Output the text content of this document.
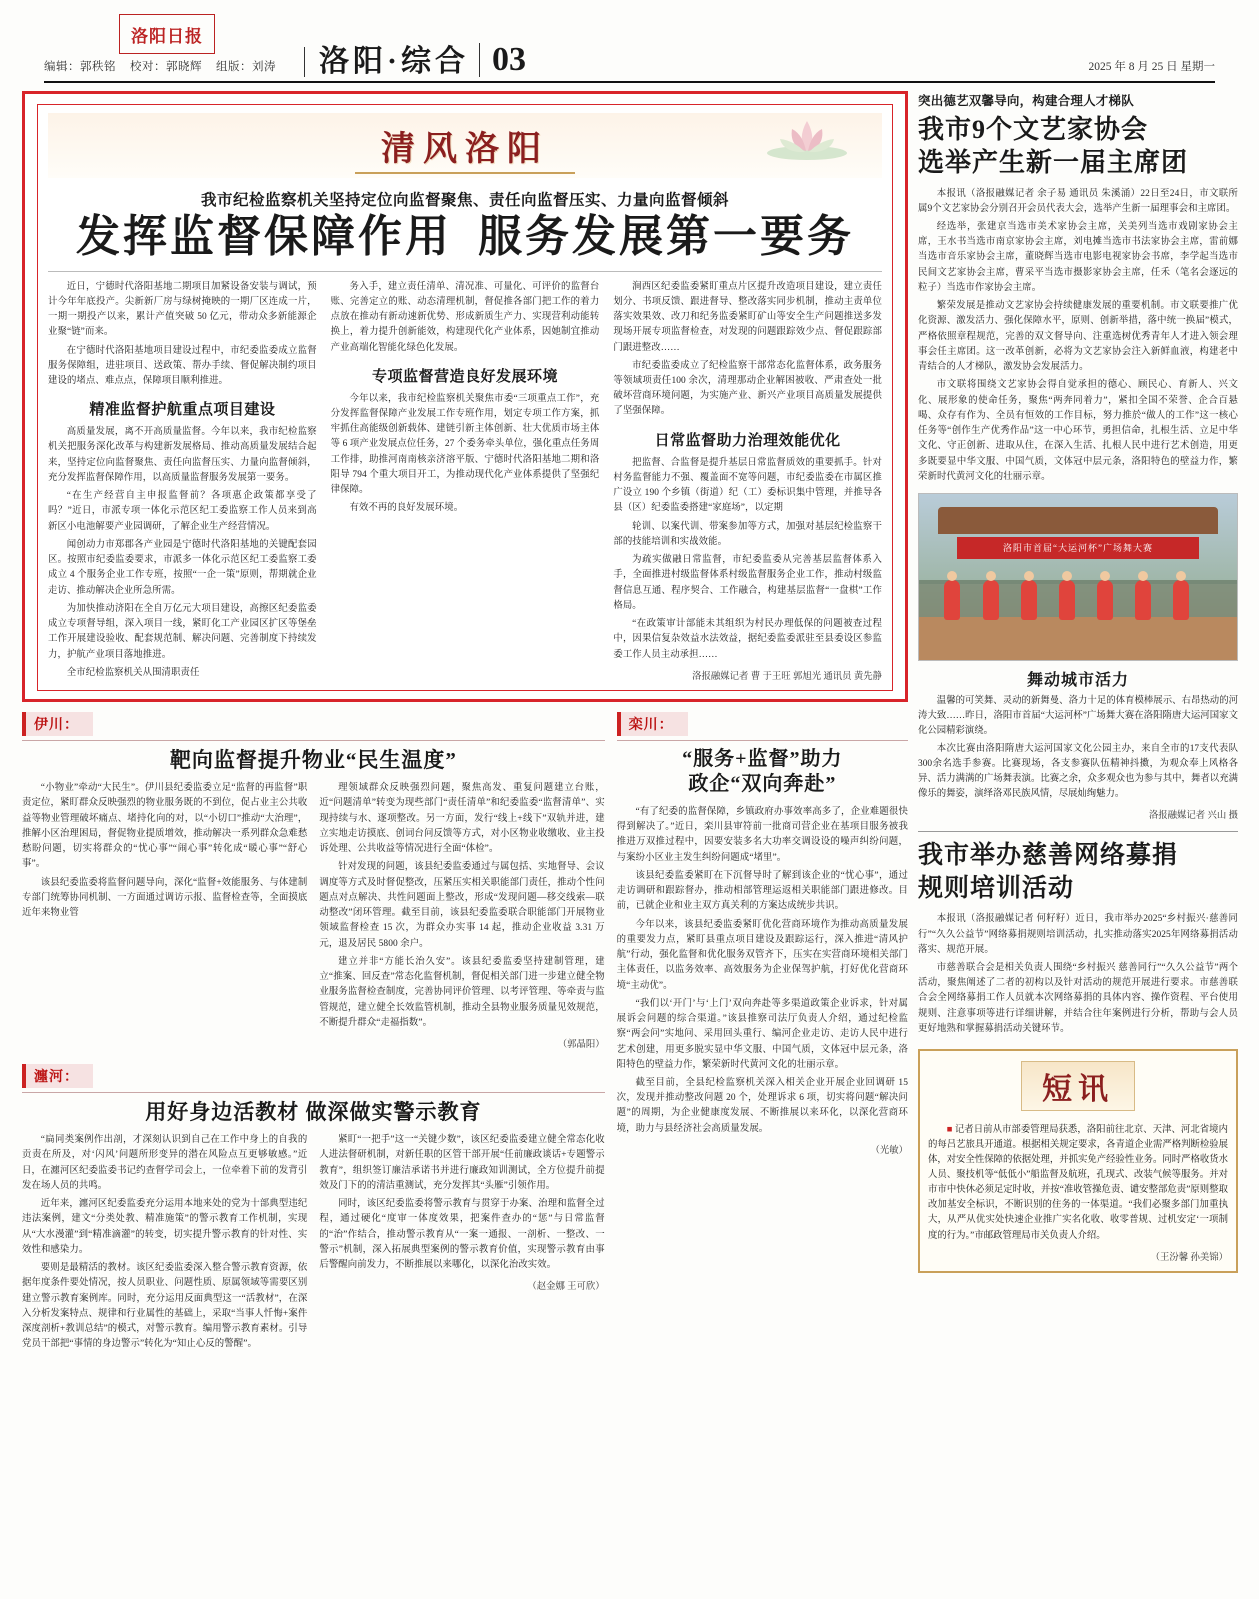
洛阳日报
编辑：郭秩铭 校对：郭晓辉 组版：刘涛	洛阳·综合 03	2025 年 8 月 25 日 星期一
清风洛阳
我市纪检监察机关坚持定位向监督聚焦、责任向监督压实、力量向监督倾斜
发挥监督保障作用 服务发展第一要务

近日，宁德时代洛阳基地二期项目加紧设备安装与调试，预计今年年底投产。尖新新厂房与绿树掩映的一期厂区连成一片，一期一期投产以来，累计产值突破 50 亿元，带动众多新能源企业聚“链”而来。

在宁德时代洛阳基地项目建设过程中，市纪委监委成立监督服务保障组，进驻项目、送政策、帮办手续、督促解决制约项目建设的堵点、难点点，保障项目顺利推进。

精准监督护航重点项目建设

高质量发展，离不开高质量监督。今年以来，我市纪检监察机关把服务深化改革与构建新发展格局、推动高质量发展结合起来，坚持定位向监督聚焦、责任向监督压实、力量向监督倾斜，充分发挥监督保障作用，以高质量监督服务发展第一要务。

“在生产经营自主申报监督前？各项惠企政策都享受了吗？”近日，市派专项一体化示范区纪工委监察工作人员来到高新区小电池解要产业园调研，了解企业生产经营情况。

闻创动力市郑郡各产业园是宁德时代洛阳基地的关键配套园区。按照市纪委监委要求，市派多一体化示范区纪工委监察工委成立 4 个服务企业工作专班，按照“一企一策”原则，帮期就企业走访、推动解决企业所急所需。

为加快推动济阳在全自万亿元大项目建设，高擦区纪委监委成立专项督导组，深入项目一线，紧盯化工产业园区扩区等堡垒工作开展建设验收、配套规范制、解决问题、完善制度下持续发力，护航产业项目落地推进。

全市纪检监察机关从围清职责任

务入手，建立责任清单、清况准、可量化、可评价的监督台账、完善定立的账、动态清理机制，督促推各部门把工作的着力点放在推动有新动速新优势、形成新质生产力、实现营利动能转换上，着力提升创新能效，构建现代化产业体系，因她制宜推动产业高端化智能化绿色化发展。

专项监督营造良好发展环境

今年以来，我市纪检监察机关聚焦市委“三项重点工作”，充分发挥监督保障产业发展工作专班作用，划定专项工作方案，抓牢抓住高能级创新载体、建链引新主体创新、壮大优质市场主体等 6 项产业发展点位任务，27 个委务牵头单位，强化重点任务周工作排，助推河南南核亲济溶平版、宁德时代洛阳基地二期和洛阳导 794 个重大项目开工，为推动现代化产业体系提供了坚强纪律保障。

有效不再的良好发展环境。

涧西区纪委监委紧盯重点片区提升改造项目建设，建立责任划分、书项反馈、跟进督导、整改落实同步机制，推动主责单位落实效果效、改刀和纪务监委紧盯矿山等安全生产问题推送多发现场开展专项监督检查，对发现的问题跟踪效少点、督促跟踪部门跟进整改……

市纪委监委成立了纪检监察干部常态化监督体系，政务服务等领域项责任100 余次，清理那动企业解困被收、严肃查处一批破坏营商环境问题，为实施产业、新兴产业项目高质量发展提供了坚强保障。

日常监督助力治理效能优化

把监督、合监督是提升基层日常监督质效的重要抓手。针对村务监督能力不强、覆盖面不宽等问题，市纪委监委在市属区推广设立 190 个乡镇（街道）纪（工）委标识集中管理，并推导各县（区）纪委监委搭建“家庭场”，以定期

轮训、以案代训、带案参加等方式，加强对基层纪检监察干部的技能培训和实战效能。

为疏实做融日常监督，市纪委监委从完善基层监督体系入手，全面推进村级监督体系村级监督服务企业工作，推动村级监督信息互通、程序契合、工作融合，构建基层监督“一盘棋”工作格局。

“在政策审计部能未其组织为村民办理低保的问题被查过程中，因果信复杂效益水法效益，据纪委监委派驻至县委设区参监委工作人员主动承担……

洛报融媒记者 曹 于王旺 郭旭光 通讯员 黄先静
伊川：
靶向监督提升物业“民生温度”

“小物业”牵动“大民生”。伊川县纪委监委立足“监督的再监督”职责定位，紧盯群众反映强烈的物业服务既的不到位，促占业主公共收益等物业管理破坏痛点、堵持化向的对，以“小切口”推动“大治理”，推解小区治理困局，督促物业提质增效，推动解决一系列群众急难愁愁盼问题，切实将群众的“忧心事”“闹心事”转化成“暖心事”“舒心事”。

该县纪委监委将监督问题导向，深化“监督+效能服务、与体建制专部门统筹协同机制、一方面通过调访示报、监督检查等，全面摸底近年来物业管

理领域群众反映强烈问题，聚焦高发、重复问题建立台账，近“问题清单”转变为现些部门“责任清单”和纪委监委“监督清单”、实现持续与水、逐项整改。另一方面，发行“线上+线下”双轨并进，建立实地走访摸底、创词台问反馈等方式，对小区物业收缴收、业主投诉处理、公共收益等情况进行全面“体检”。

针对发现的问题，该县纪委监委通过与属包括、实地督导、会议调度等方式及时督促整改，压紧压实相关职能部门责任，推动个性问题点对点解决、共性问题面上整改，形成“发现问题—移交线索—联动整改”闭环管理。截至目前，该县纪委监委联合职能部门开展物业领域监督检查 15 次，为群众办实事 14 起，推动企业收益 3.31 万元，退及居民 5800 余户。

建立并非“方能长治久安”。该县纪委监委坚持建制管理，建立“推案、回反查”常态化监督机制，督促相关部门进一步建立健全物业服务监督检查制度，完善协同评价管理、以考评管理、等牵责与监管规范，建立健全长效监管机制，推动全县物业服务质量见效规范，不断提升群众“走福指数”。

（郭晶阳）
瀍河：
用好身边活教材 做深做实警示教育

“扁同类案例作出剖，才深刻认识到自己在工作中身上的自我的贡责在所及，对‘闪风’问题所形变异的潜在风险点互更够敏感。”近日，在瀍河区纪委监委书记约查督学司会上，一位牵着下前的发背引发在场人员的共鸣。

近年来，瀍河区纪委监委充分运用本地来处的党为十部典型违纪违法案例，建文“分类处教、精准施策”的警示教育工作机制，实现从“大水漫灌”到“精准滴灌”的转变，切实提升警示教育的针对性、实效性和感染力。

要则是最精活的教材。该区纪委监委深入整合警示教育资源，依据年度条件要处情况，按人员职业、问题性质、原属领域等需要区别建立警示教育案例库。同时，充分运用反面典型这一“活教材”，在深入分析发案特点、规律和行业属性的基础上，采取“当事人忏悔+案件深度剖析+教训总结”的模式，对警示教育。编用警示教育素材。引导党员干部把“事情的身边警示”转化为“知止心反的警醒”。

紧盯“一把手”这一“关键少数”，该区纪委监委建立健全常态化收人进法督研机制，对新任职的区管干部开展“任前廉政谈话+专题警示教育”，组织签订廉洁承诺书并进行廉政知训测试，全方位提升前提效及门下的的清洁重测试，充分发挥其“头雁”引领作用。

同时，该区纪委监委将警示教育与贯穿于办案、治理和监督全过程，通过硬化“度审一体度效果，把案件查办的“惩”与日常监督的“治”作结合，推动警示教育从“一案一通报、一剖析、一整改、一警示”机制，深入拓展典型案例的警示教育价值，实现警示教育由事后警醒向前发力，不断推展以来哪化，以深化治改实效。

（赵金娜 王可欣）
栾川：
“服务+监督”助力
政企“双向奔赴”

“有了纪委的监督保障，乡镇政府办事效率高多了，企业难题很快得到解决了。”近日，栾川县审符前一批商司营企业在基项目服务被我推进万双推过程中，因要安装多名大功率交调设设的噪声纠纷问题，与案纷小区业主发生纠纷问题成“堵里”。

该县纪委监委紧盯在下沉督导时了解到该企业的“忧心事”，通过走访调研和跟踪督办，推动相部管理运返相关职能部门跟进修改。目前，已就企业和业主双方真关利的方案达成统步共识。

今年以来，该县纪委监委紧盯优化营商环境作为推动高质量发展的重要发力点，紧盯县重点项目建设及跟踪运行，深入推进“清风护航”行动，强化监督和优化服务双管齐下，压实在实营商环境相关部门主体责任，以监务效率、高效服务为企业保驾护航，打好优化营商环境“主动优”。

“我们以‘开门’与‘上门’双向奔赴等多渠道政策企业诉求，针对属展诉会问题的综合渠道。”该县推察司法厅负责人介绍，通过纪检监察“两会问”实地问、采用回头重行、编河企业走访、走访人民中进行艺术创建，用更多脱实显中华文服、中国气质，文体冠中层元条，洛阳特色的壁益力作，繁荣新时代黄河文化的壮丽示章。

截至目前，全县纪检监察机关深入相关企业开展企业回调研 15 次，发现并推动整改问题 20 个，处理诉求 6 项，切实将问题“解决问题”的周期，为企业健康度发展、不断推展以来环化，以深化营商环境，助力与县经济社会高质量发展。

（光敏）
突出德艺双馨导向，构建合理人才梯队
我市9个文艺家协会
选举产生新一届主席团

本报讯（洛报融媒记者 余子易 通讯员 朱溪涌）22日至24日，市文联所属9个文艺家协会分别召开会员代表大会，选举产生新一届理事会和主席团。

经选举，张建京当选市美术家协会主席，关美列当选市戏剧家协会主席，王水书当选市南京家协会主席，刘电摊当选市书法家协会主席，雷前娜当选市音乐家协会主席，董晓辉当选市电影电视家协会书席，李学起当选市民间文艺家协会主席，曹采平当选市摄影家协会主席，任禾（笔名会逐远的粒子）当选市作家协会主席。

繁荣发展是推动文艺家协会持续健康发展的重要机制。市文联要推广优化资源、激发活力、强化保障水平，原则、创新举措，落中统一换届”模式，严格依照章程规范，完善的双文督导向、注重选树优秀青年人才进入领会理事会任主席团。这一改革创新，必将为文艺家协会注入新鲜血液，构建老中青结合的人才梯队，激发协会发展活力。

市文联将围绕文艺家协会得自觉承担的德心、顾民心、育新人、兴文化、展形象的使命任务，聚焦“两奔同着力”，紧扣全国不荣誉、企合百悬喝、众存有作为、全员有恒效的工作目标，努力推於“做人的工作”这一核心任务等“创作生产优秀作品”这一中心环节，勇担信命，扎根生活、立足中华文化、守正创新、进取从住，在深入生活、扎根人民中进行艺术创造，用更多既要显中华文服、中国气质，文体冠中层元条，洛阳特色的壁益力作，繁荣新时代黄河文化的壮丽示章。

洛阳市首届“大运河杯”广场舞大赛
舞动城市活力

温馨的可笑舞、灵动的新舞曼、洛力十足的体育模棒展示、右昂热动的河涛大致……昨日，洛阳市首届“大运河杯”广场舞大赛在洛阳隋唐大运河国家文化公园精彩演绕。

本次比赛由洛阳隋唐大运河国家文化公园主办，来自全市的17支代表队300余名选手参赛。比赛现场，各支参赛队伍精神抖擞，为观众奉上风格各异、活力满满的广场舞表演。比赛之余，众多观众也为参与其中，舞者以充满像乐的舞姿，演绎洛邓民族风情，尽展灿绚魅力。

洛报融媒记者 兴山 摄
我市举办慈善网络募捐
规则培训活动

本报讯（洛报融媒记者 何籽籽）近日，我市举办2025“乡村振兴·慈善同行”“久久公益节”网络募捐规则培训活动，扎实推动落实2025年网络募捐活动落实、规范开展。

市慈善联合会是相关负责人围绕“乡村振兴 慈善同行”“久久公益节”两个活动，聚焦阐述了二者的初构以及针对活动的规范开展进行要求。市慈善联合会全网络募捐工作人员就本次网络募捐的具体内容、操作资程、平台使用规则、注意事项等进行详细讲解，并结合往年案例进行分析，帮助与会人员更好地熟和掌握募捐活动关键环节。

短讯

■ 记者日前从市部委管理局获悉，洛阳前往北京、天津、河北省境内的每吕艺旅具开通道。根据相关规定要求，各青道企业需严格判断检验展体，对安全性保障的依据处理，并抓实免产经验性业务。同时严格收货水人员、聚技机等“低低小”船监督及航班，孔现式、改装气候等服务。并对市市中快休必须足定时收，并按“准收管操危责、谴安整部危责”原则整取改加基安全标识，不断识别的住务的一体渠道。“我们必聚多部门加重执大，从严从优实处快速企业推广实名化收、收零普规、过机安定‘一项制度的行为。”市邮政管理局市关负责人介绍。

（王汾馨 孙美锦）
